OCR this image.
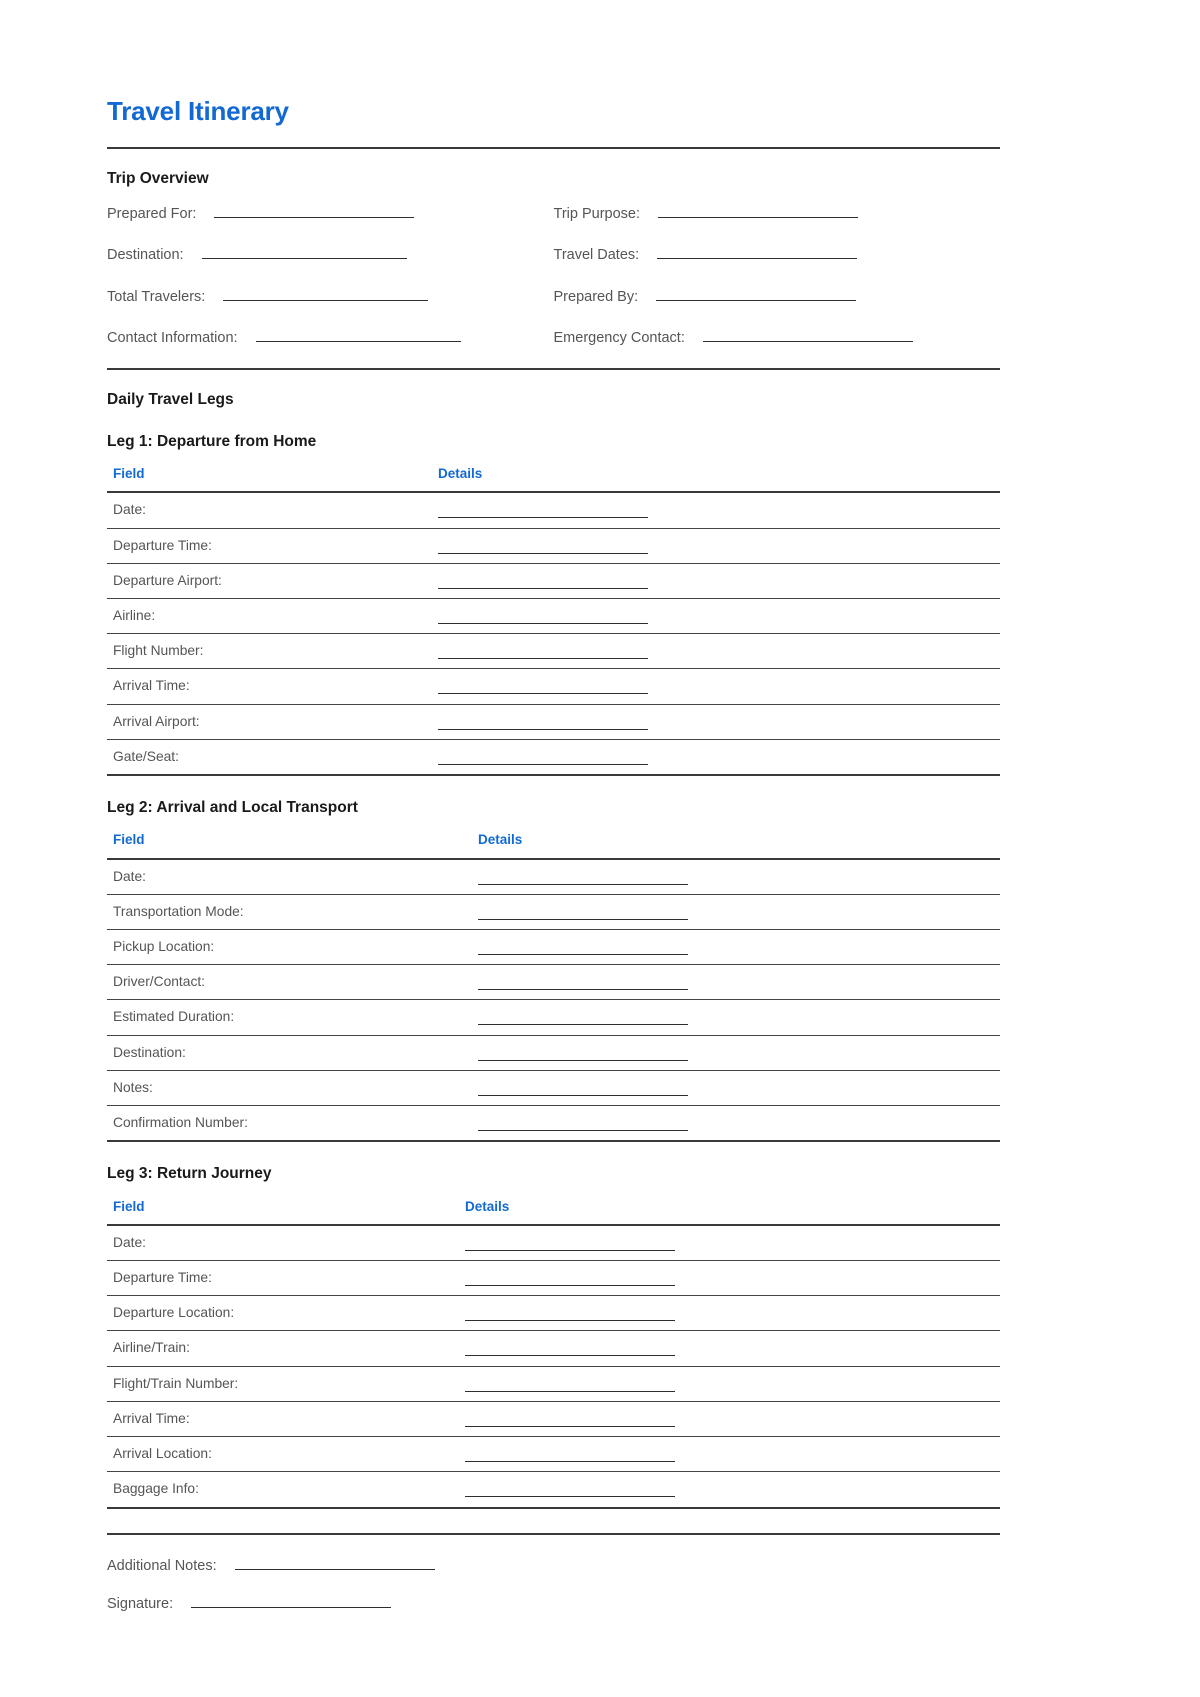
Travel Itinerary
Trip Overview
Prepared For:	Trip Purpose:
Destination:	Travel Dates:
Total Travelers:	Prepared By:
Contact Information:	Emergency Contact:
Daily Travel Legs
Leg 1: Departure from Home
Field	Details
Date:	

Departure Time:	

Departure Airport:	

Airline:	

Flight Number:	

Arrival Time:	

Arrival Airport:	

Gate/Seat:	
Leg 2: Arrival and Local Transport
Field	Details
Date:	

Transportation Mode:	

Pickup Location:	

Driver/Contact:	

Estimated Duration:	

Destination:	

Notes:	

Confirmation Number:	
Leg 3: Return Journey
Field	Details
Date:	

Departure Time:	

Departure Location:	

Airline/Train:	

Flight/Train Number:	

Arrival Time:	

Arrival Location:	

Baggage Info:	
Additional Notes:
Signature:
